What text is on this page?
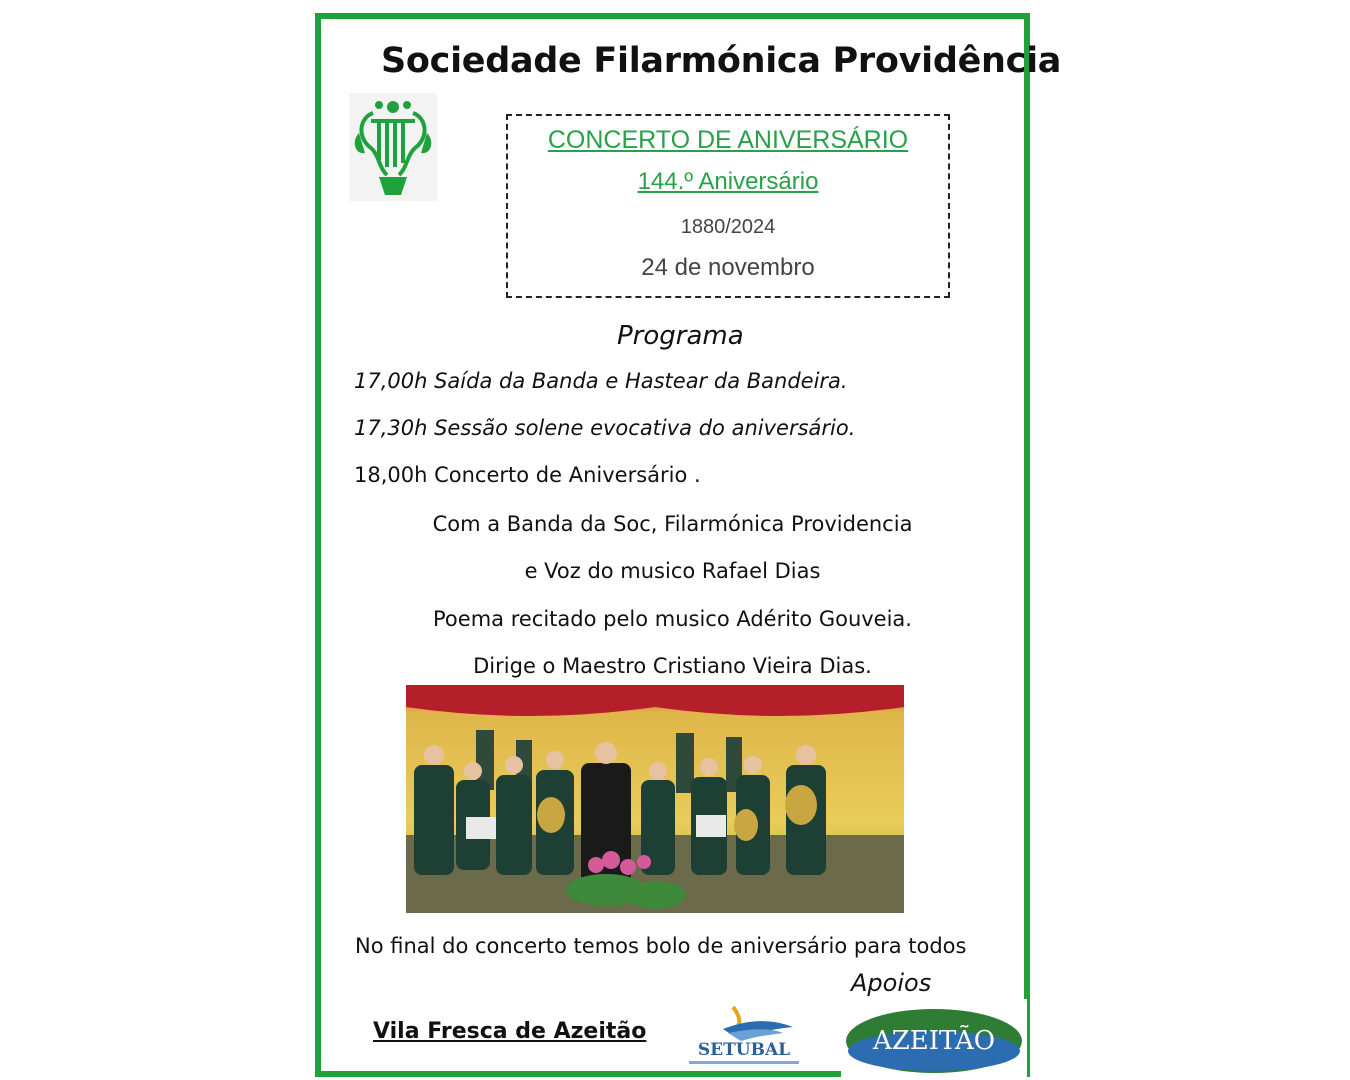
Sociedade Filarmónica Providência
CONCERTO DE ANIVERSÁRIO
144.º Aniversário
1880/2024
24 de novembro
Programa
17,00h Saída da Banda e Hastear da Bandeira.
17,30h Sessão solene evocativa do aniversário.
18,00h Concerto de Aniversário .
Com a Banda da Soc, Filarmónica Providencia
e Voz do musico Rafael Dias
Poema recitado pelo musico Adérito Gouveia.
Dirige o Maestro Cristiano Vieira Dias.
No final do concerto temos bolo de aniversário para todos
Apoios
Vila Fresca de Azeitão
SETUBAL	AZEITÃO
